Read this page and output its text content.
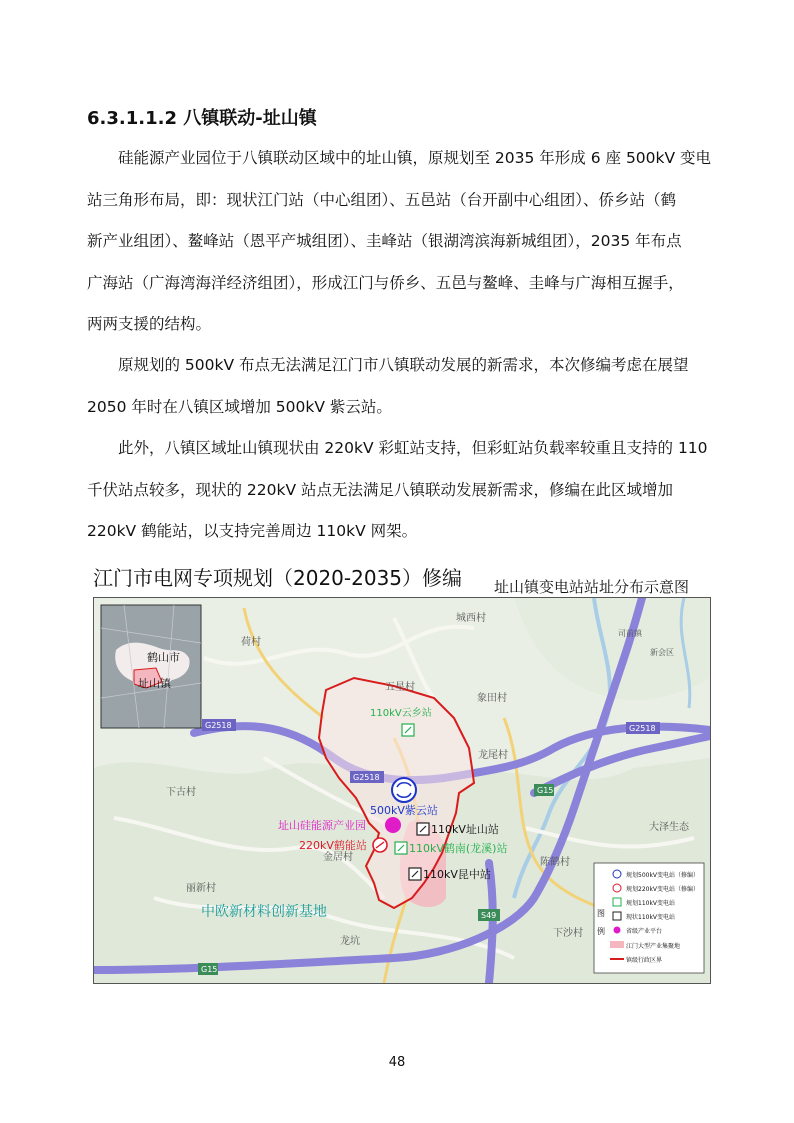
6.3.1.1.2 八镇联动-址山镇

硅能源产业园位于八镇联动区域中的址山镇，原规划至 2035 年形成 6 座 500kV 变电
站三角形布局，即：现状江门站（中心组团）、五邑站（台开副中心组团）、侨乡站（鹤
新产业组团）、鳌峰站（恩平产城组团）、圭峰站（银湖湾滨海新城组团），2035 年布点
广海站（广海湾海洋经济组团），形成江门与侨乡、五邑与鳌峰、圭峰与广海相互握手，
两两支援的结构。

原规划的 500kV 布点无法满足江门市八镇联动发展的新需求，本次修编考虑在展望
2050 年时在八镇区域增加 500kV 紫云站。

此外，八镇区域址山镇现状由 220kV 彩虹站支持，但彩虹站负载率较重且支持的 110
千伏站点较多，现状的 220kV 站点无法满足八镇联动发展新需求，修编在此区域增加
220kV 鹤能站，以支持完善周边 110kV 网架。

江门市电网专项规划（2020-2035）修编 址山镇变电站站址分布示意图
鹤山市
址山镇
城西村
荷村
司前镇
新会区
五星村
象田村
龙尾村
下古村
大泽生态
金居村	陈鹤村
丽新村
龙坑
下沙村
G2518	G2518
G2518
G15
G15
S49
110kV云乡站
500kV紫云站
址山硅能源产业园	110kV址山站
220kV鹤能站	110kV鹤南(龙溪)站
110kV昆中站
中欧新材料创新基地	图
例
规划500kV变电站（修编）
规划220kV变电站（修编）
规划110kV变电站
现状110kV变电站
省级产业平台
江门大型产业集聚地
镇级行政区界
48
